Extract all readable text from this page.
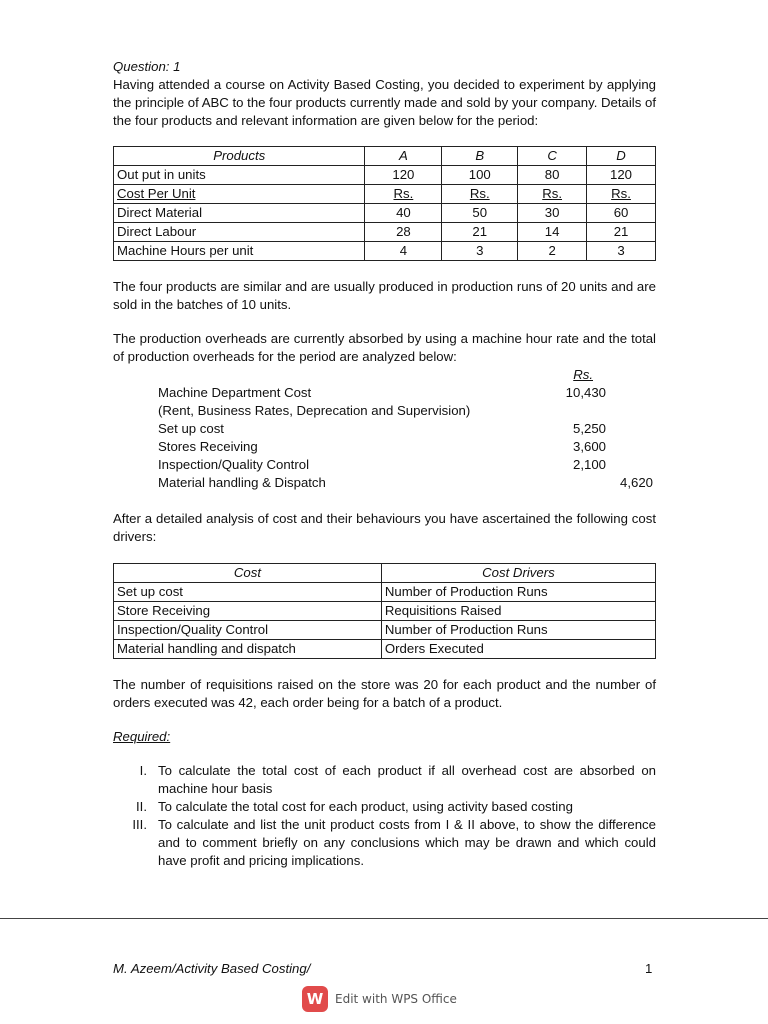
Question: 1

Having attended a course on Activity Based Costing, you decided to experiment by applying the principle of ABC to the four products currently made and sold by your company. Details of the four products and relevant information are given below for the period:

Products	A	B	C	D
Out put in units	120	100	80	120
Cost Per Unit	Rs.	Rs.	Rs.	Rs.
Direct Material	40	50	30	60
Direct Labour	28	21	14	21
Machine Hours per unit	4	3	2	3

The four products are similar and are usually produced in production runs of 20 units and are sold in the batches of 10 units.

The production overheads are currently absorbed by using a machine hour rate and the total of production overheads for the period are analyzed below:

Rs.
Machine Department Cost	10,430
(Rent, Business Rates, Deprecation and Supervision)
Set up cost	5,250
Stores Receiving	3,600
Inspection/Quality Control	2,100
Material handling & Dispatch	4,620

After a detailed analysis of cost and their behaviours you have ascertained the following cost drivers:

Cost	Cost Drivers
Set up cost	Number of Production Runs
Store Receiving	Requisitions Raised
Inspection/Quality Control	Number of Production Runs
Material handling and dispatch	Orders Executed

The number of requisitions raised on the store was 20 for each product and the number of orders executed was 42, each order being for a batch of a product.

Required:

I. To calculate the total cost of each product if all overhead cost are absorbed on machine hour basis
II. To calculate the total cost for each product, using activity based costing
III. To calculate and list the unit product costs from I & II above, to show the difference and to comment briefly on any conclusions which may be drawn and which could have profit and pricing implications.
M. Azeem/Activity Based Costing/	1
W Edit with WPS Office
